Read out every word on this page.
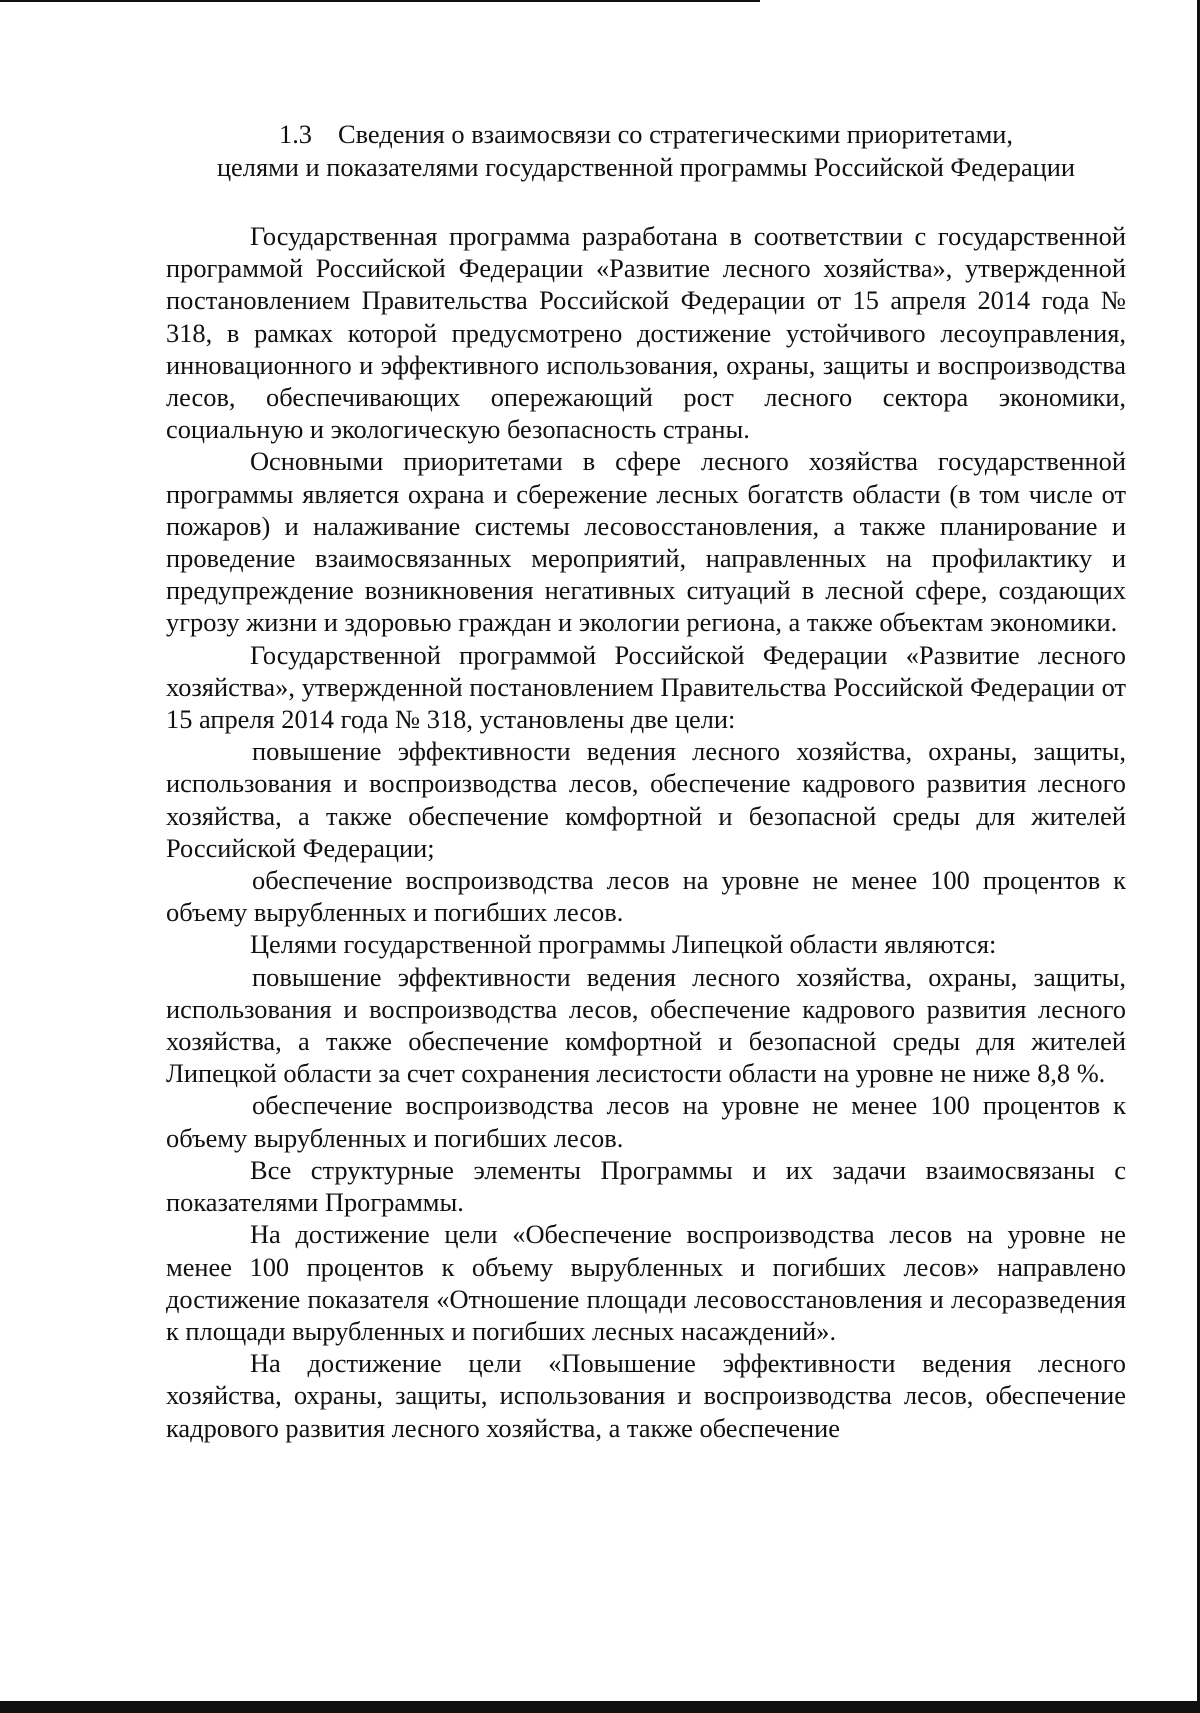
1.3 Сведения о взаимосвязи со стратегическими приоритетами,
целями и показателями государственной программы Российской Федерации

Государственная программа разработана в соответствии с государственной программой Российской Федерации «Развитие лесного хозяйства», утвержденной постановлением Правительства Российской Федерации от 15 апреля 2014 года № 318, в рамках которой предусмотрено достижение устойчивого лесоуправления, инновационного и эффективного использования, охраны, защиты и воспроизводства лесов, обеспечивающих опережающий рост лесного сектора экономики, социальную и экологическую безопасность страны.

Основными приоритетами в сфере лесного хозяйства государственной программы является охрана и сбережение лесных богатств области (в том числе от пожаров) и налаживание системы лесовосстановления, а также планирование и проведение взаимосвязанных мероприятий, направленных на профилактику и предупреждение возникновения негативных ситуаций в лесной сфере, создающих угрозу жизни и здоровью граждан и экологии региона, а также объектам экономики.

Государственной программой Российской Федерации «Развитие лесного хозяйства», утвержденной постановлением Правительства Российской Федерации от 15 апреля 2014 года № 318, установлены две цели:

повышение эффективности ведения лесного хозяйства, охраны, защиты, использования и воспроизводства лесов, обеспечение кадрового развития лесного хозяйства, а также обеспечение комфортной и безопасной среды для жителей Российской Федерации;

обеспечение воспроизводства лесов на уровне не менее 100 процентов к объему вырубленных и погибших лесов.

Целями государственной программы Липецкой области являются:

повышение эффективности ведения лесного хозяйства, охраны, защиты, использования и воспроизводства лесов, обеспечение кадрового развития лесного хозяйства, а также обеспечение комфортной и безопасной среды для жителей Липецкой области за счет сохранения лесистости области на уровне не ниже 8,8 %.

обеспечение воспроизводства лесов на уровне не менее 100 процентов к объему вырубленных и погибших лесов.

Все структурные элементы Программы и их задачи взаимосвязаны с показателями Программы.

На достижение цели «Обеспечение воспроизводства лесов на уровне не менее 100 процентов к объему вырубленных и погибших лесов» направлено достижение показателя «Отношение площади лесовосстановления и лесоразведения к площади вырубленных и погибших лесных насаждений».

На достижение цели «Повышение эффективности ведения лесного хозяйства, охраны, защиты, использования и воспроизводства лесов, обеспечение кадрового развития лесного хозяйства, а также обеспечение
